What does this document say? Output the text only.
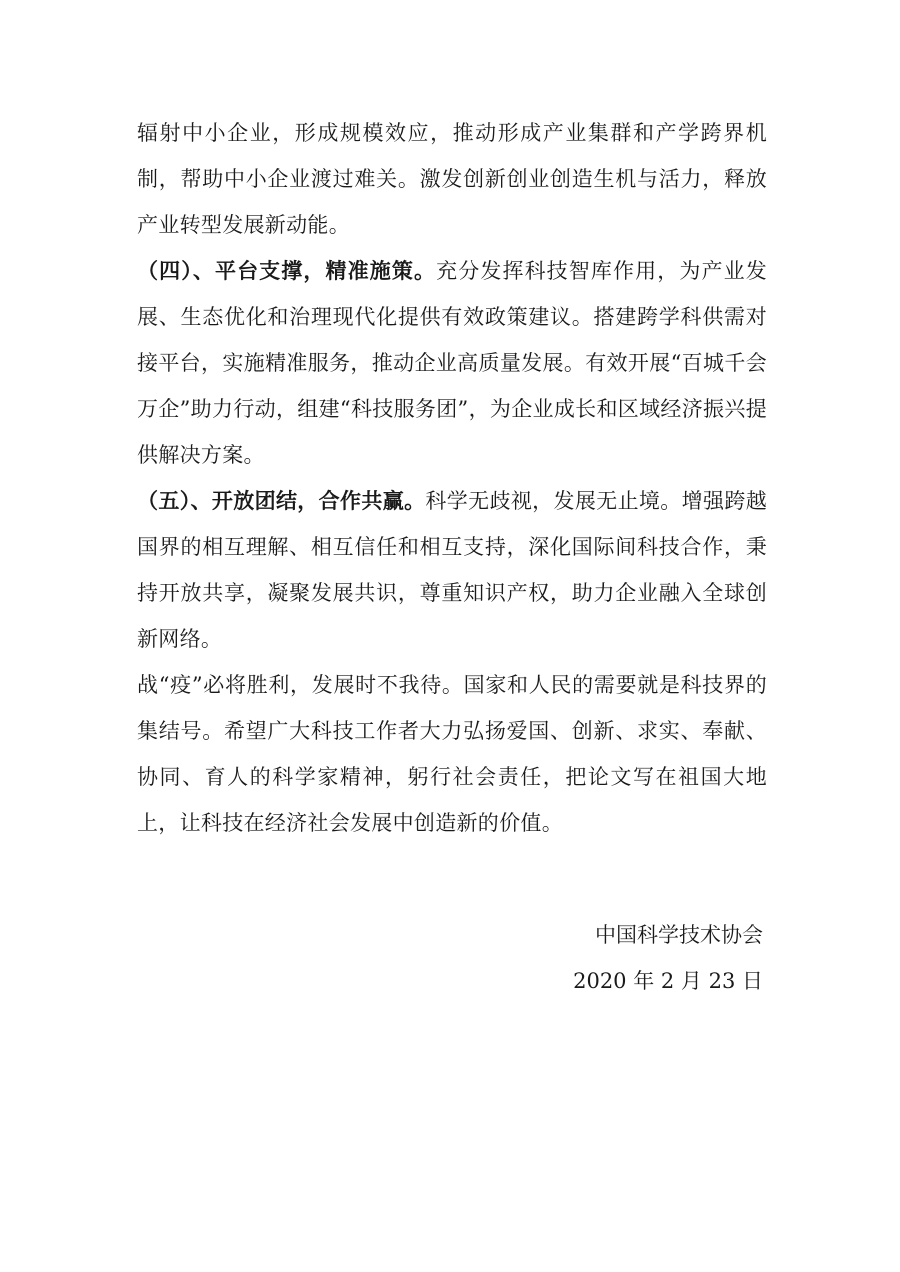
辐射中小企业，形成规模效应，推动形成产业集群和产学跨界机制，帮助中小企业渡过难关。激发创新创业创造生机与活力，释放产业转型发展新动能。

（四）、平台支撑，精准施策。充分发挥科技智库作用，为产业发展、生态优化和治理现代化提供有效政策建议。搭建跨学科供需对接平台，实施精准服务，推动企业高质量发展。有效开展“百城千会万企”助力行动，组建“科技服务团”，为企业成长和区域经济振兴提供解决方案。

（五）、开放团结，合作共赢。科学无歧视，发展无止境。增强跨越国界的相互理解、相互信任和相互支持，深化国际间科技合作，秉持开放共享，凝聚发展共识，尊重知识产权，助力企业融入全球创新网络。

战“疫”必将胜利，发展时不我待。国家和人民的需要就是科技界的集结号。希望广大科技工作者大力弘扬爱国、创新、求实、奉献、协同、育人的科学家精神，躬行社会责任，把论文写在祖国大地上，让科技在经济社会发展中创造新的价值。

中国科学技术协会
2020 年 2 月 23 日
